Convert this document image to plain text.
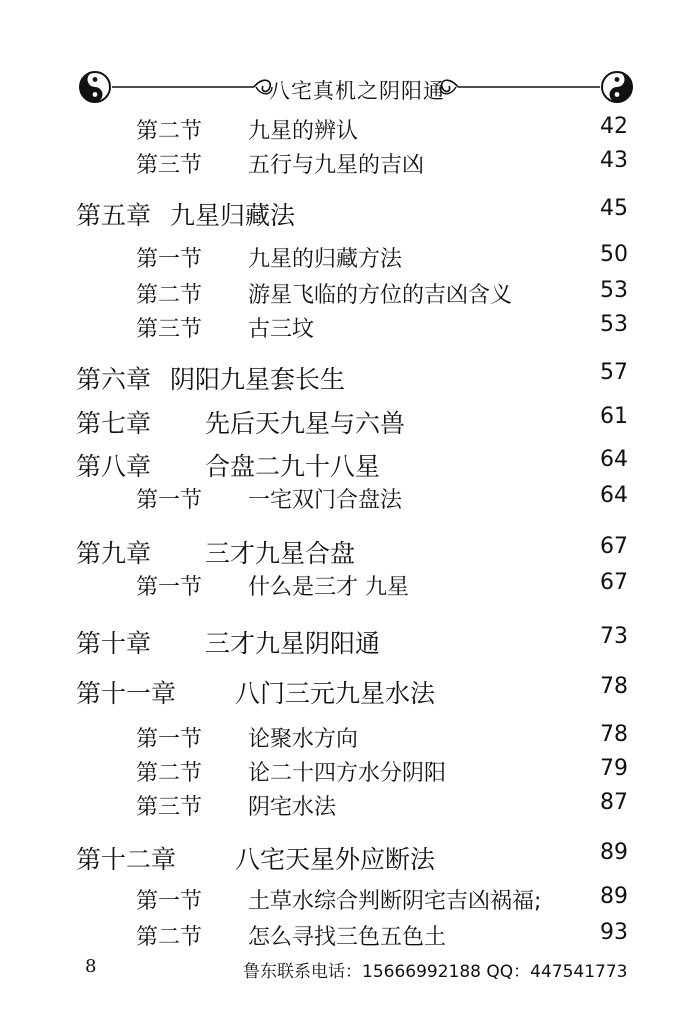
八宅真机之阴阳通
第二节 九星的辨认	42
第三节 五行与九星的吉凶	43
第五章 九星归藏法	45
第一节 九星的归藏方法	50
第二节 游星飞临的方位的吉凶含义	53
第三节 古三坟	53
第六章 阴阳九星套长生	57
第七章 先后天九星与六兽	61
第八章 合盘二九十八星	64
第一节 一宅双门合盘法	64
第九章 三才九星合盘	67
第一节 什么是三才 九星	67
第十章 三才九星阴阳通	73
第十一章 八门三元九星水法	78
第一节 论聚水方向	78
第二节 论二十四方水分阴阳	79
第三节 阴宅水法	87
第十二章 八宅天星外应断法	89
第一节 土草水综合判断阴宅吉凶祸福;	89
第二节 怎么寻找三色五色土	93
8	鲁东联系电话：15666992188 QQ：447541773
